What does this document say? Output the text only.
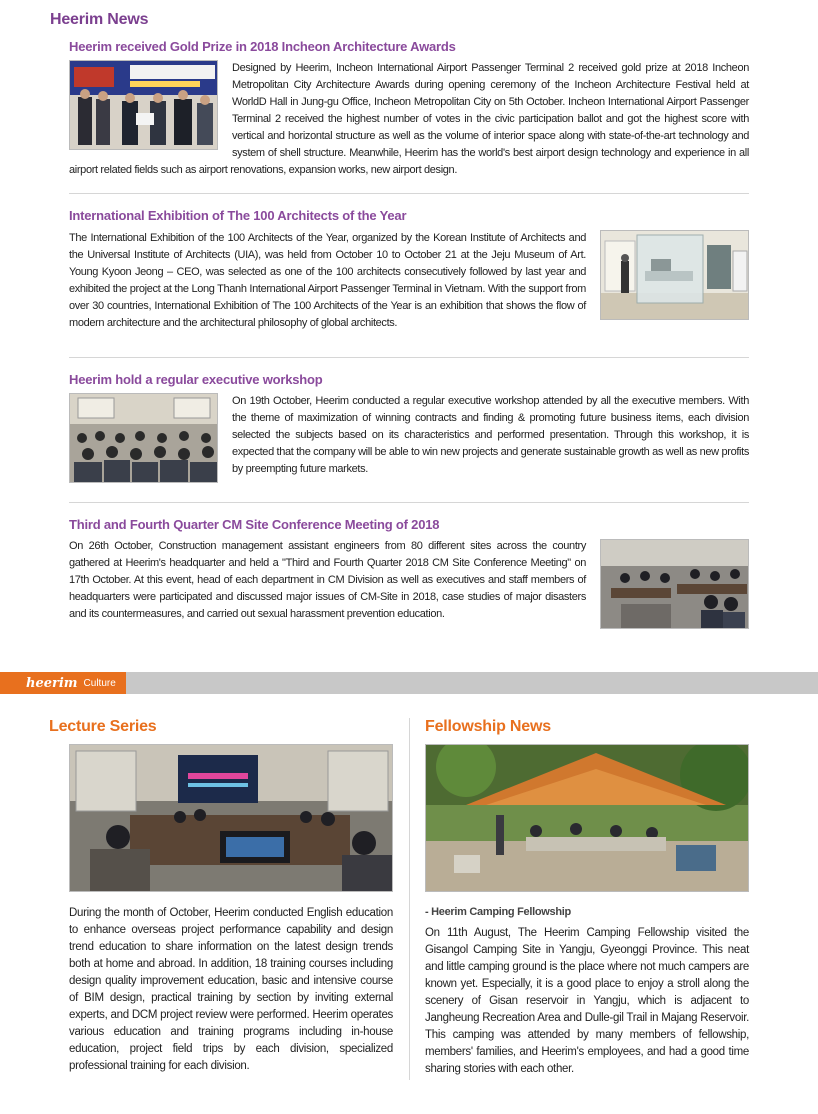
Heerim News
Heerim received Gold Prize in 2018 Incheon Architecture Awards

Designed by Heerim, Incheon International Airport Passenger Terminal 2 received gold prize at 2018 Incheon Metropolitan City Architecture Awards during opening ceremony of the Incheon Architecture Festival held at WorldD Hall in Jung-gu Office, Incheon Metropolitan City on 5th October. Incheon International Airport Passenger Terminal 2 received the highest number of votes in the civic participation ballot and got the highest score with vertical and horizontal structure as well as the volume of interior space along with state-of-the-art technology and system of shell structure. Meanwhile, Heerim has the world's best airport design technology and experience in all airport related fields such as airport renovations, expansion works, new airport design.

International Exhibition of The 100 Architects of the Year

The International Exhibition of the 100 Architects of the Year, organized by the Korean Institute of Architects and the Universal Institute of Architects (UIA), was held from October 10 to October 21 at the Jeju Museum of Art. Young Kyoon Jeong – CEO, was selected as one of the 100 architects consecutively followed by last year and exhibited the project at the Long Thanh International Airport Passenger Terminal in Vietnam. With the support from over 30 countries, International Exhibition of The 100 Architects of the Year is an exhibition that shows the flow of modern architecture and the architectural philosophy of global architects.

Heerim hold a regular executive workshop

On 19th October, Heerim conducted a regular executive workshop attended by all the executive members. With the theme of maximization of winning contracts and finding & promoting future business items, each division selected the subjects based on its characteristics and performed presentation. Through this workshop, it is expected that the company will be able to win new projects and generate sustainable growth as well as new profits by preempting future markets.

Third and Fourth Quarter CM Site Conference Meeting of 2018

On 26th October, Construction management assistant engineers from 80 different sites across the country gathered at Heerim's headquarter and held a "Third and Fourth Quarter 2018 CM Site Conference Meeting" on 17th October. At this event, head of each department in CM Division as well as executives and staff members of headquarters were participated and discussed major issues of CM-Site in 2018, case studies of major disasters and its countermeasures, and carried out sexual harassment prevention education.

heerim Culture
Lecture Series
During the month of October, Heerim conducted English education to enhance overseas project performance capability and design trend education to share information on the latest design trends both at home and abroad. In addition, 18 training courses including design quality improvement education, basic and intensive course of BIM design, practical training by section by inviting external experts, and DCM project review were performed. Heerim operates various education and training programs including in-house education, project field trips by each division, specialized professional training for each division.
Fellowship News
- Heerim Camping Fellowship
On 11th August, The Heerim Camping Fellowship visited the Gisangol Camping Site in Yangju, Gyeonggi Province. This neat and little camping ground is the place where not much campers are known yet. Especially, it is a good place to enjoy a stroll along the scenery of Gisan reservoir in Yangju, which is adjacent to Jangheung Recreation Area and Dulle-gil Trail in Majang Reservoir. This camping was attended by many members of fellowship, members' families, and Heerim's employees, and had a good time sharing stories with each other.
